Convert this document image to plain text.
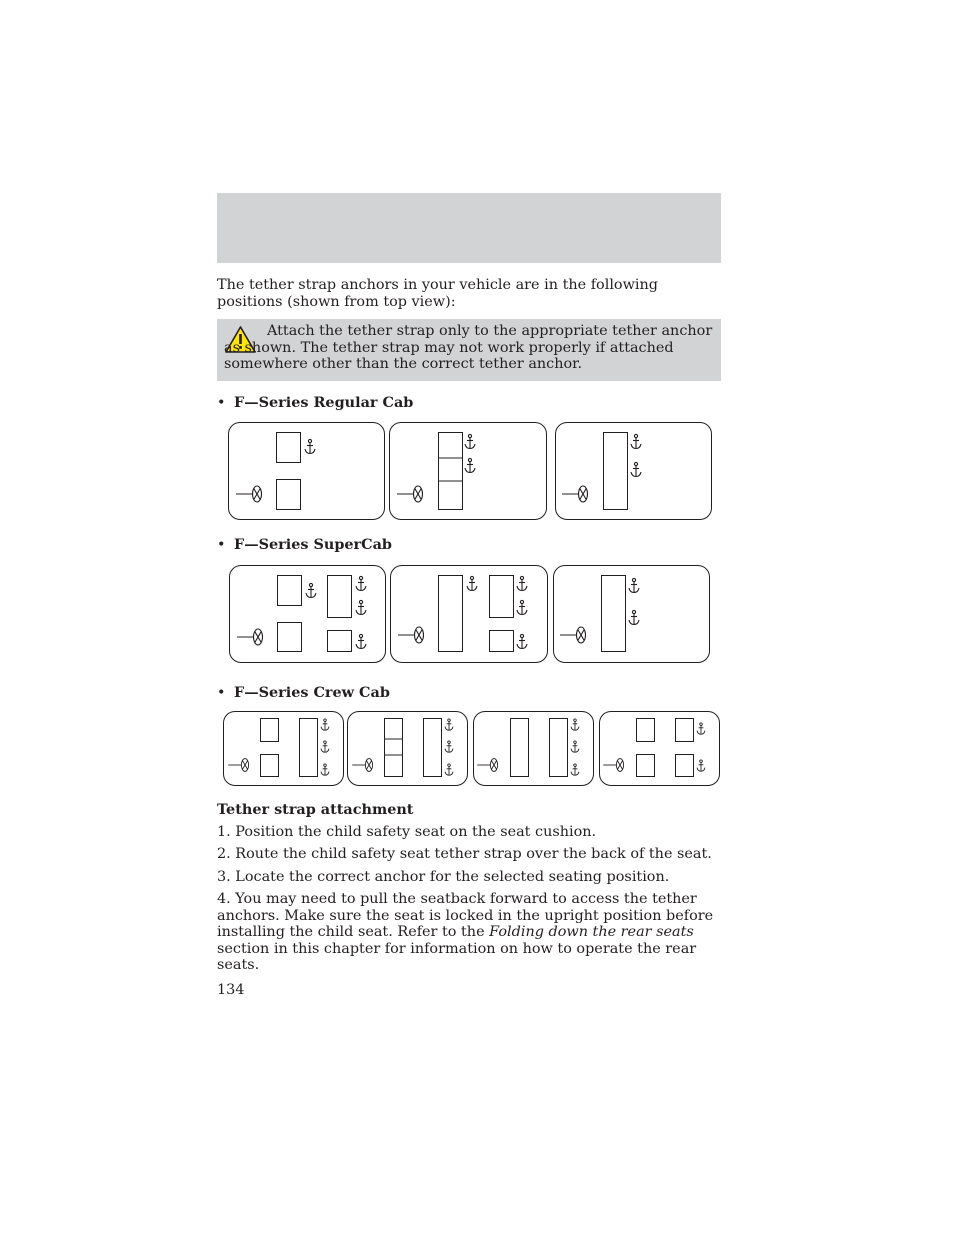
The tether strap anchors in your vehicle are in the following positions (shown from top view):

Attach the tether strap only to the appropriate tether anchor as shown. The tether strap may not work properly if attached somewhere other than the correct tether anchor.

• F—Series Regular Cab
• F—Series SuperCab
• F—Series Crew Cab
Tether strap attachment

1. Position the child safety seat on the seat cushion.

2. Route the child safety seat tether strap over the back of the seat.

3. Locate the correct anchor for the selected seating position.

4. You may need to pull the seatback forward to access the tether anchors. Make sure the seat is locked in the upright position before installing the child seat. Refer to the Folding down the rear seats section in this chapter for information on how to operate the rear seats.

134
